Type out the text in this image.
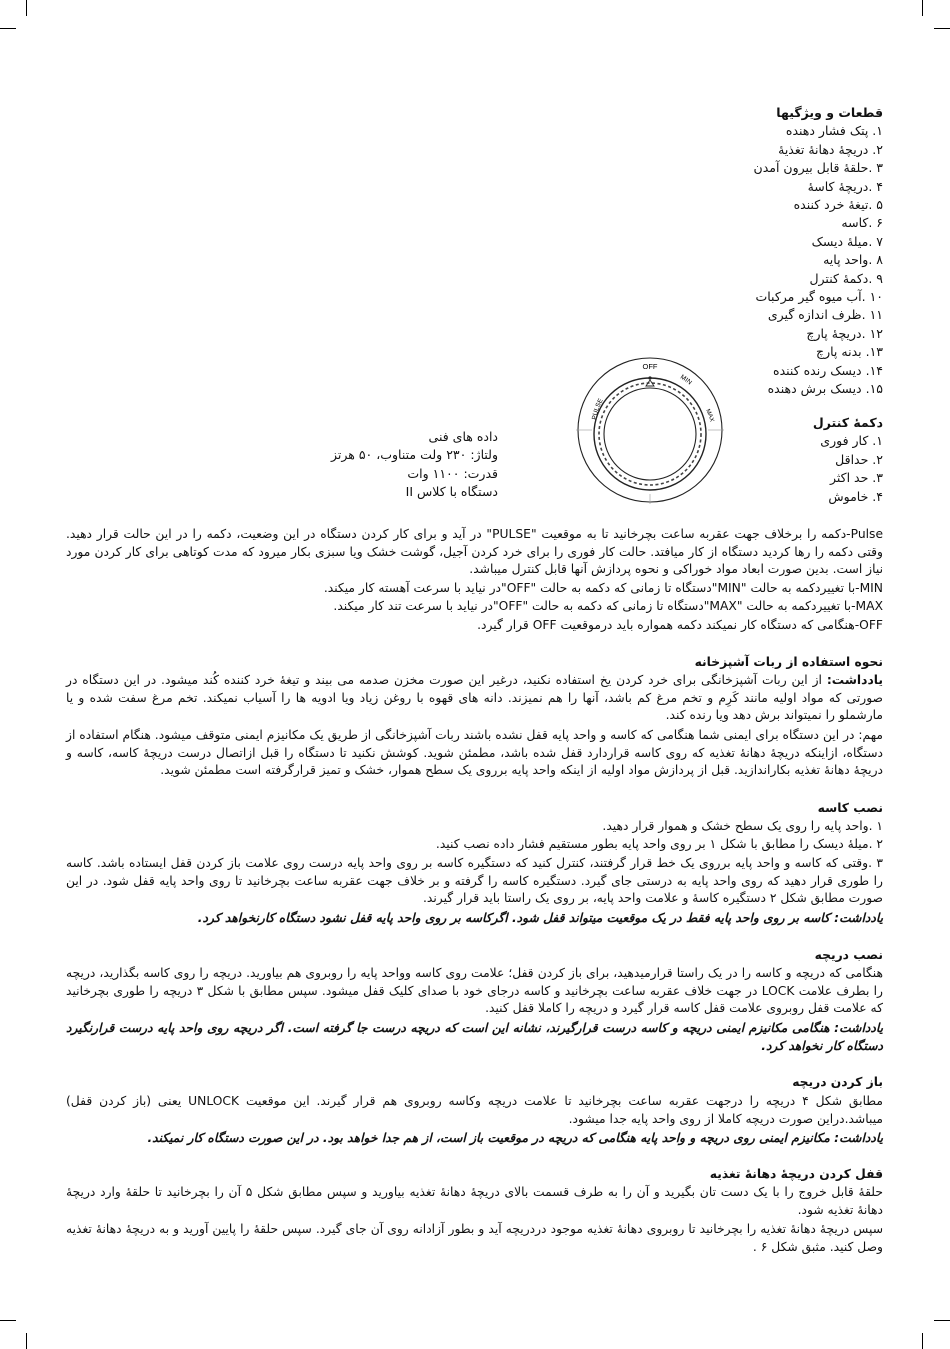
قطعات و ویژگیها
۱. پتک فشار دهنده
۲. دریچهٔ دهانهٔ تغذیهٔ
۳ .حلقهٔ قابل بیرون آمدن
۴ .دریچهٔ کاسهٔ
۵ .تیغهٔ خرد کننده
۶ .کاسه
۷ .میلهٔ دیسک
۸ .واحد پایه
۹ .دکمهٔ کنترل
۱۰ .آب میوه گیر مرکبات
۱۱ .ظرف اندازه گیری
۱۲ .دریچهٔ پارچ
۱۳. بدنه پارچ
۱۴. دیسک رنده کننده
۱۵. دیسک برش دهنده
دکمهٔ کنترل
۱. کار فوری
۲. حداقل
۳. حد اکثر
۴. خاموش
داده های فنی
ولتاژ: ۲۳۰ ولت متناوب، ۵۰ هرتز
قدرت: ۱۱۰۰ وات
دستگاه با کلاس II
OFF
PULSE
MIN
MAX
Pulse-دکمه را برخلاف جهت عقربه ساعت بچرخانید تا به موقعیت "PULSE" در آید و برای کار کردن دستگاه در این وضعیت، دکمه را در این حالت قرار دهید. وقتی دکمه را رها کردید دستگاه از کار میافتد. حالت کار فوری را برای خرد کردن آجیل، گوشت خشک ویا سبزی بکار میرود که مدت کوتاهی برای کار کردن مورد نیاز است. بدین صورت ابعاد مواد خوراکی و نحوه پردازش آنها قابل کنترل میباشد.
MIN-با تغییردکمه به حالت "MIN"دستگاه تا زمانی که دکمه به حالت "OFF"در نیاید با سرعت آهسته کار میکند.
MAX-با تغییردکمه به حالت "MAX"دستگاه تا زمانی که دکمه به حالت "OFF"در نیاید با سرعت تند کار میکند.
OFF-هنگامی که دستگاه کار نمیکند دکمه همواره باید درموقعیت OFF قرار گیرد.
نحوه استفاده از ربات آشپزخانه
یادداشت: از این ربات آشپزخانگی برای خرد کردن یخ استفاده نکنید، درغیر این صورت مخزن صدمه می بیند و تیغهٔ خرد کننده کُند میشود. در این دستگاه در صورتی که مواد اولیه مانند کَرِم و تخم مرغ کم باشد، آنها را هم نمیزند. دانه های قهوه با روغن زیاد ویا ادویه ها را آسیاب نمیکند. تخم مرغ سفت شده و یا مارشملو را نمیتواند برش دهد ویا رنده کند.
مهم: در این دستگاه برای ایمنی شما هنگامی که کاسه و واحد پایه قفل نشده باشند ربات آشپزخانگی از طریق یک مکانیزم ایمنی متوقف میشود. هنگام استفاده از دستگاه، ازاینکه دریچهٔ دهانهٔ تغذیه که روی کاسه قراردارد قفل شده باشد، مطمئن شوید. کوشش نکنید تا دستگاه را قبل ازاتصال درست دریچهٔ کاسه، کاسه و دریچهٔ دهانهٔ تغذیه بکاراندازید. قبل از پردازش مواد اولیه از اینکه واحد پایه برروی یک سطح هموار، خشک و تمیز قرارگرفته است مطمئن شوید.
نصب کاسه
۱ .واحد پایه را روی یک سطح خشک و هموار قرار دهید.
۲ .میلهٔ دیسک را مطابق با شکل ۱ بر روی واحد پایه بطور مستقیم فشار داده نصب کنید.
۳ .وقتی که کاسه و واحد پایه برروی یک خط قرار گرفتند، کنترل کنید که دستگیره کاسه بر روی واحد پایه درست روی علامت باز کردن قفل ایستاده باشد. کاسه را طوری قرار دهید که روی واحد پایه به درستی جای گیرد. دستگیره کاسه را گرفته و بر خلاف جهت عقربه ساعت بچرخانید تا روی واحد پایه قفل شود. در این صورت مطابق شکل ۲ دستگیره کاسهٔ و علامت واحد پایه، بر روی یک راستا باید قرار گیرند.
یادداشت: کاسه بر روی واحد پایه فقط در یک موقعیت میتواند قفل شود. اگرکاسه بر روی واحد پایه قفل نشود دستگاه کارنخواهد کرد.
نصب دریچه
هنگامی که دریچه و کاسه را در یک راستا قرارمیدهید، برای باز کردن قفل؛ علامت روی کاسه وواحد پایه را روبروی هم بیاورید. دریچه را روی کاسه بگذارید، دریچه را بطرف علامت LOCK در جهت خلاف عقربه ساعت بچرخانید و کاسه درجای خود با صدای کلیک قفل میشود. سپس مطابق با شکل ۳ دریچه را طوری بچرخانید که علامت قفل روبروی علامت قفل کاسه قرار گیرد و دریچه را کاملا قفل کنید.
یادداشت: هنگامی مکانیزم ایمنی دریچه و کاسه درست قرارگیرند، نشانه این است که دریچه درست جا گرفته است. اگر دریچه روی واحد پایه درست قرارنگیرد دستگاه کار نخواهد کرد.
باز کردن دریچه
مطابق شکل ۴ دریچه را درجهت عقربه ساعت بچرخانید تا علامت دریچه وکاسه روبروی هم قرار گیرند. این موقعیت UNLOCK یعنی (باز کردن قفل) میباشد.دراین صورت دریچه کاملا از روی واحد پایه جدا میشود.
یادداشت: مکانیزم ایمنی روی دریچه و واحد پایه هنگامی که دریچه در موقعیت باز است، از هم جدا خواهد بود. در این صورت دستگاه کار نمیکند.
قفل کردن دریچهٔ دهانهٔ تغذیه
حلقهٔ قابل خروج را با یک دست تان بگیرید و آن را به طرف قسمت بالای دریچهٔ دهانهٔ تغذیه بیاورید و سپس مطابق شکل ۵ آن را بچرخانید تا حلقهٔ وارد دریچهٔ دهانهٔ تغذیه شود.
سپس دریچهٔ دهانهٔ تغذیه را بچرخانید تا روبروی دهانهٔ تغذیه موجود دردریچه آید و بطور آزادانه روی آن جای گیرد. سپس حلقهٔ را پایین آورید و به دریچهٔ دهانهٔ تغذیه وصل کنید. مثبق شکل ۶ .
